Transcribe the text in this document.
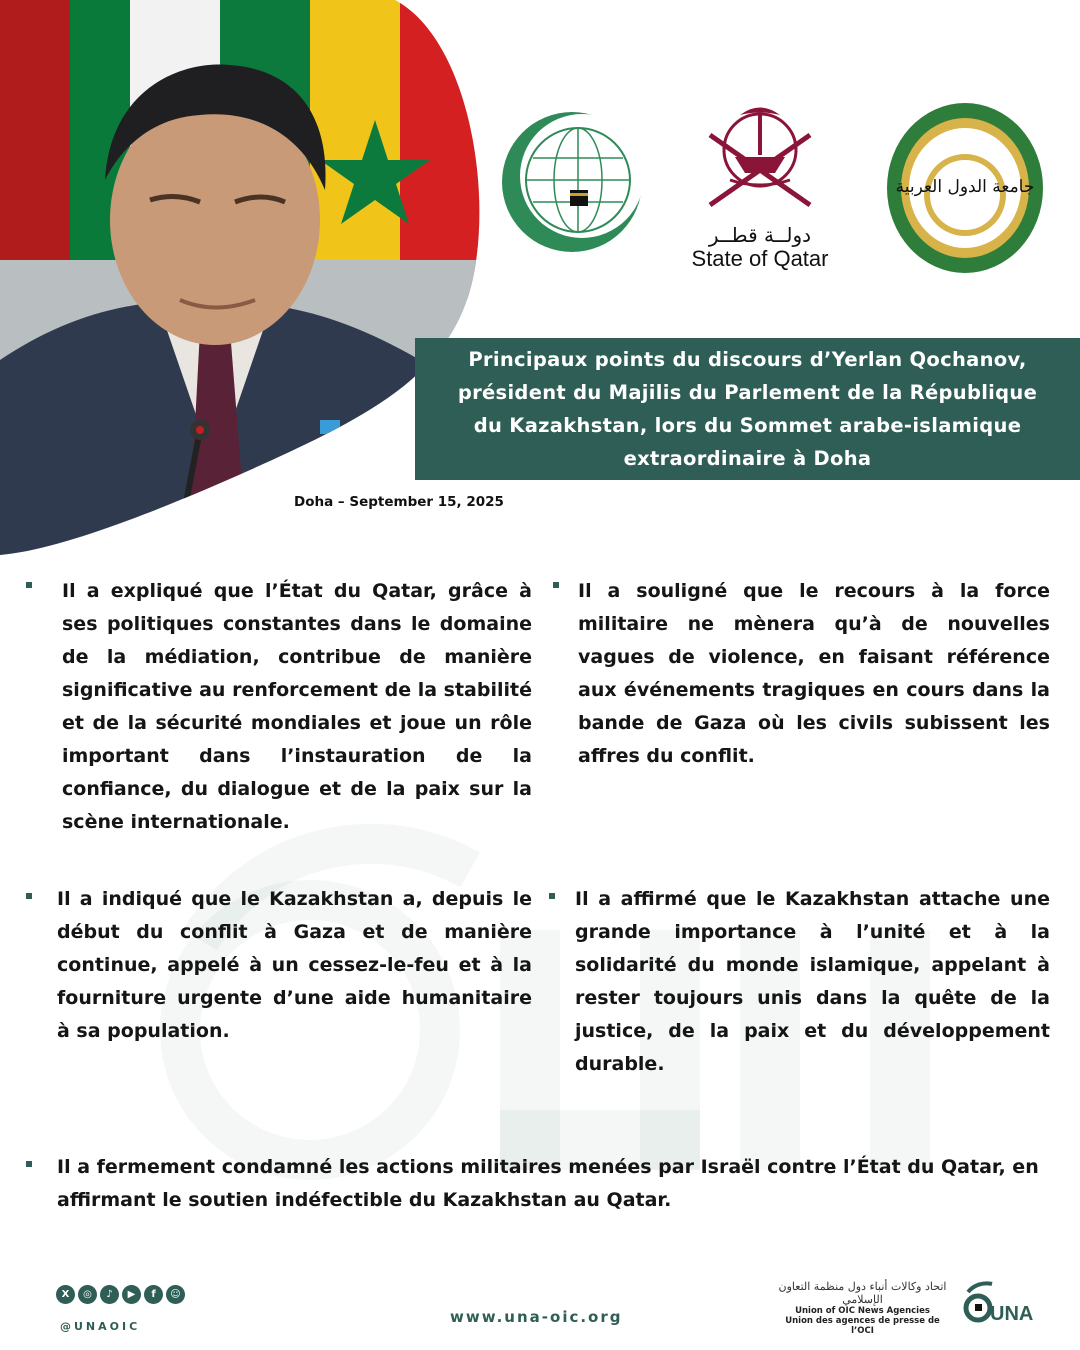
دولــة قطــر
State of Qatar
جامعة الدول العربية
Principaux points du discours d’Yerlan Qochanov, président du Majilis du Parlement de la République du Kazakhstan, lors du Sommet arabe-islamique extraordinaire à Doha
Doha – September 15, 2025
Il a expliqué que l’État du Qatar, grâce à ses politiques constantes dans le domaine de la médiation, contribue de manière significative au renforcement de la stabilité et de la sécurité mondiales et joue un rôle important dans l’instauration de la confiance, du dialogue et de la paix sur la scène internationale.
Il a souligné que le recours à la force militaire ne mènera qu’à de nouvelles vagues de violence, en faisant référence aux événements tragiques en cours dans la bande de Gaza où les civils subissent les affres du conflit.
Il a indiqué que le Kazakhstan a, depuis le début du conflit à Gaza et de manière continue, appelé à un cessez-le-feu et à la fourniture urgente d’une aide humanitaire à sa population.
Il a affirmé que le Kazakhstan attache une grande importance à l’unité et à la solidarité du monde islamique, appelant à rester toujours unis dans la quête de la justice, de la paix et du développement durable.
Il a fermement condamné les actions militaires menées par Israël contre l’État du Qatar, en affirmant le soutien indéfectible du Kazakhstan au Qatar.
X	◎	♪	▶	f	☺
@UNAOIC
www.una-oic.org
اتحاد وكالات أنباء دول منظمة التعاون الإسلامي
Union of OIC News Agencies
Union des agences de presse de l’OCI
UNA
